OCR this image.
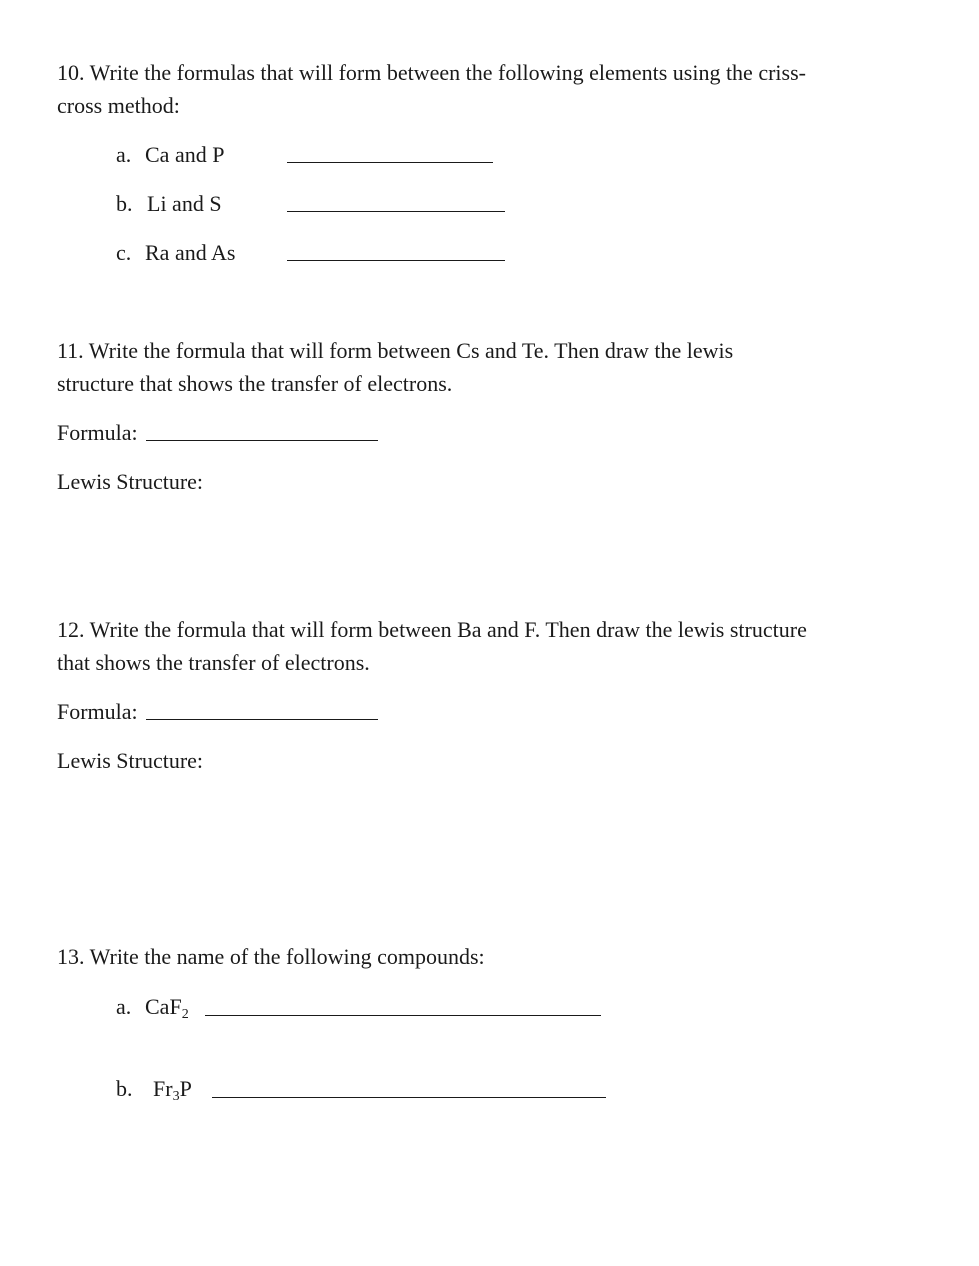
10. Write the formulas that will form between the following elements using the criss-
cross method:
a. Ca and P
b. Li and S
c. Ra and As
11. Write the formula that will form between Cs and Te. Then draw the lewis
structure that shows the transfer of electrons.
Formula:
Lewis Structure:
12. Write the formula that will form between Ba and F. Then draw the lewis structure
that shows the transfer of electrons.
Formula:
Lewis Structure:
13. Write the name of the following compounds:
a. CaF$_2$
b. $Fr_3P$
